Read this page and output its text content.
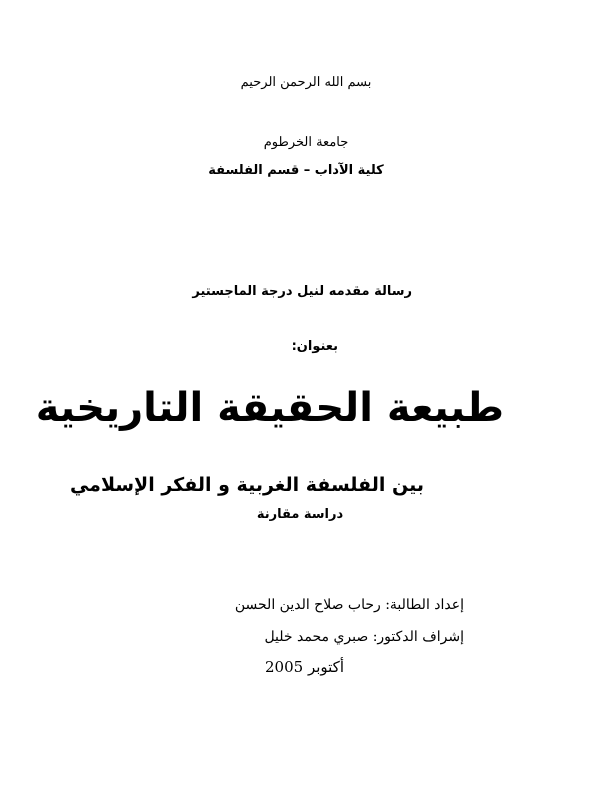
بسم الله الرحمن الرحيم
جامعة الخرطوم
كلية الآداب – قسم الفلسفة
رسالة مقدمه لنيل درجة الماجستير
بعنوان:
طبيعة الحقيقة التاريخية
بين الفلسفة الغربية و الفكر الإسلامي
دراسة مقارنة
إعداد الطالبة: رحاب صلاح الدين الحسن
إشراف الدكتور: صبري محمد خليل
أكتوبر 2005
